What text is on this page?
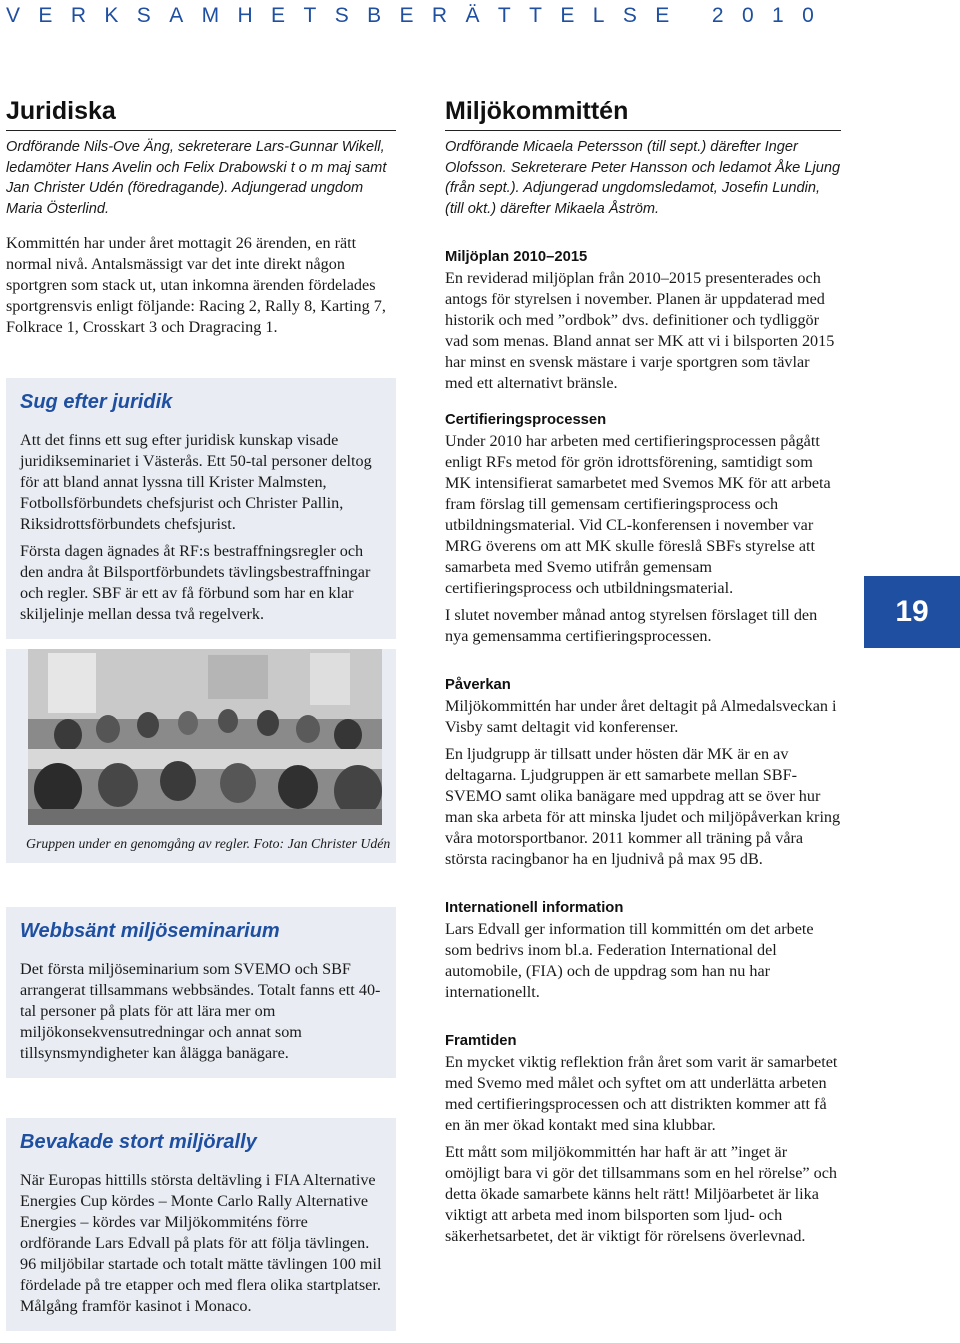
VERKSAMHETSBERÄTTELSE 2010
Juridiska

Ordförande Nils-Ove Äng, sekreterare Lars-Gunnar Wikell, ledamöter Hans Avelin och Felix Drabowski t o m maj samt Jan Christer Udén (föredragande). Adjungerad ungdom Maria Österlind.

Kommittén har under året mottagit 26 ärenden, en rätt normal nivå. Antalsmässigt var det inte direkt någon sportgren som stack ut, utan inkomna ärenden fördelades sportgrensvis enligt följande: Racing 2, Rally 8, Karting 7, Folkrace 1, Crosskart 3 och Dragracing 1.

Sug efter juridik

Att det finns ett sug efter juridisk kunskap visade juridikseminariet i Västerås. Ett 50-tal personer deltog för att bland annat lyssna till Krister Malmsten, Fotbollsförbundets chefsjurist och Christer Pallin, Riksidrottsförbundets chefsjurist.

Första dagen ägnades åt RF:s bestraffningsregler och den andra åt Bilsportförbundets tävlingsbestraffningar och regler. SBF är ett av få förbund som har en klar skiljelinje mellan dessa två regelverk.

Gruppen under en genomgång av regler. Foto: Jan Christer Udén

Webbsänt miljöseminarium

Det första miljöseminarium som SVEMO och SBF arrangerat tillsammans webbsändes. Totalt fanns ett 40-tal personer på plats för att lära mer om miljökonsekvensutredningar och annat som tillsynsmyndigheter kan ålägga banägare.

Bevakade stort miljörally

När Europas hittills största deltävling i FIA Alternative Energies Cup kördes – Monte Carlo Rally Alternative Energies – kördes var Miljökommiténs förre ordförande Lars Edvall på plats för att följa tävlingen. 96 miljöbilar startade och totalt mätte tävlingen 100 mil fördelade på tre etapper och med flera olika startplatser. Målgång framför kasinot i Monaco.

Miljökommittén

Ordförande Micaela Petersson (till sept.) därefter Inger Olofsson. Sekreterare Peter Hansson och ledamot Åke Ljung (från sept.). Adjungerad ungdomsledamot, Josefin Lundin, (till okt.) därefter Mikaela Åström.

Miljöplan 2010–2015

En reviderad miljöplan från 2010–2015 presenterades och antogs för styrelsen i november. Planen är uppdaterad med historik och med ”ordbok” dvs. definitioner och tydliggör vad som menas. Bland annat ser MK att vi i bilsporten 2015 har minst en svensk mästare i varje sportgren som tävlar med ett alternativt bränsle.

Certifieringsprocessen

Under 2010 har arbeten med certifieringsprocessen pågått enligt RFs metod för grön idrottsförening, samtidigt som MK intensifierat samarbetet med Svemos MK för att arbeta fram förslag till gemensam certifieringsprocess och utbildningsmaterial. Vid CL-konferensen i november var MRG överens om att MK skulle föreslå SBFs styrelse att samarbeta med Svemo utifrån gemensam certifieringsprocess och utbildningsmaterial.

I slutet november månad antog styrelsen förslaget till den nya gemensamma certifieringsprocessen.

Påverkan

Miljökommittén har under året deltagit på Almedalsveckan i Visby samt deltagit vid konferenser.

En ljudgrupp är tillsatt under hösten där MK är en av deltagarna. Ljudgruppen är ett samarbete mellan SBF-SVEMO samt olika banägare med uppdrag att se över hur man ska arbeta för att minska ljudet och miljöpåverkan kring våra motorsportbanor. 2011 kommer all träning på våra största racingbanor ha en ljudnivå på max 95 dB.

Internationell information

Lars Edvall ger information till kommittén om det arbete som bedrivs inom bl.a. Federation International del automobile, (FIA) och de uppdrag som han nu har internationellt.

Framtiden

En mycket viktig reflektion från året som varit är samarbetet med Svemo med målet och syftet om att underlätta arbeten med certifieringsprocessen och att distrikten kommer att få en än mer ökad kontakt med sina klubbar.

Ett mått som miljökommittén har haft är att ”inget är omöjligt bara vi gör det tillsammans som en hel rörelse” och detta ökade samarbete känns helt rätt! Miljöarbetet är lika viktigt att arbeta med inom bilsporten som ljud- och säkerhetsarbetet, det är viktigt för rörelsens överlevnad.

19
